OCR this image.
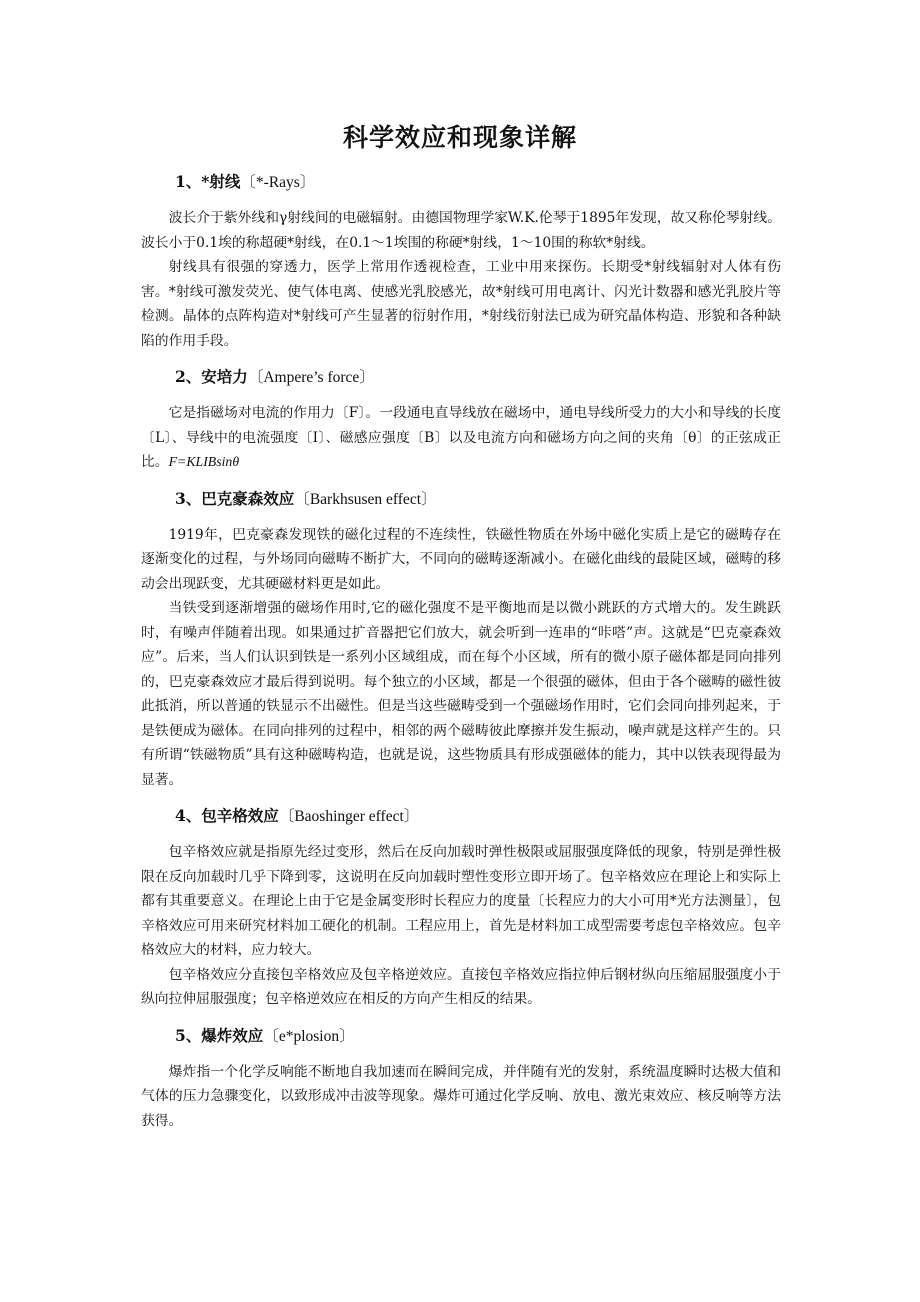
科学效应和现象详解
1、*射线〔*-Rays〕

波长介于紫外线和γ射线间的电磁辐射。由德国物理学家W.K.伦琴于1895年发现，故又称伦琴射线。波长小于0.1埃的称超硬*射线，在0.1～1埃围的称硬*射线，1～10围的称软*射线。

射线具有很强的穿透力，医学上常用作透视检查，工业中用来探伤。长期受*射线辐射对人体有伤害。*射线可激发荧光、使气体电离、使感光乳胶感光，故*射线可用电离计、闪光计数器和感光乳胶片等检测。晶体的点阵构造对*射线可产生显著的衍射作用，*射线衍射法已成为研究晶体构造、形貌和各种缺陷的作用手段。

2、安培力〔Ampere’s force〕

它是指磁场对电流的作用力〔F〕。一段通电直导线放在磁场中，通电导线所受力的大小和导线的长度〔L〕、导线中的电流强度〔I〕、磁感应强度〔B〕以及电流方向和磁场方向之间的夹角〔θ〕的正弦成正比。F=KLIBsinθ

3、巴克豪森效应〔Barkhsusen effect〕

1919年，巴克豪森发现铁的磁化过程的不连续性，铁磁性物质在外场中磁化实质上是它的磁畴存在逐渐变化的过程，与外场同向磁畴不断扩大，不同向的磁畴逐渐减小。在磁化曲线的最陡区域，磁畴的移动会出现跃变，尤其硬磁材料更是如此。

当铁受到逐渐增强的磁场作用时,它的磁化强度不是平衡地而是以微小跳跃的方式增大的。发生跳跃时，有噪声伴随着出现。如果通过扩音器把它们放大，就会听到一连串的“咔嗒”声。这就是“巴克豪森效应”。后来，当人们认识到铁是一系列小区域组成，而在每个小区域，所有的微小原子磁体都是同向排列的，巴克豪森效应才最后得到说明。每个独立的小区域，都是一个很强的磁体，但由于各个磁畴的磁性彼此抵消，所以普通的铁显示不出磁性。但是当这些磁畴受到一个强磁场作用时，它们会同向排列起来，于是铁便成为磁体。在同向排列的过程中，相邻的两个磁畴彼此摩擦并发生振动，噪声就是这样产生的。只有所谓“铁磁物质”具有这种磁畴构造，也就是说，这些物质具有形成强磁体的能力，其中以铁表现得最为显著。

4、包辛格效应〔Baoshinger effect〕

包辛格效应就是指原先经过变形，然后在反向加载时弹性极限或屈服强度降低的现象，特别是弹性极限在反向加载时几乎下降到零，这说明在反向加载时塑性变形立即开场了。包辛格效应在理论上和实际上都有其重要意义。在理论上由于它是金属变形时长程应力的度量〔长程应力的大小可用*光方法测量〕，包辛格效应可用来研究材料加工硬化的机制。工程应用上，首先是材料加工成型需要考虑包辛格效应。包辛格效应大的材料，应力较大。

包辛格效应分直接包辛格效应及包辛格逆效应。直接包辛格效应指拉伸后钢材纵向压缩屈服强度小于纵向拉伸屈服强度；包辛格逆效应在相反的方向产生相反的结果。

5、爆炸效应〔e*plosion〕

爆炸指一个化学反响能不断地自我加速而在瞬间完成，并伴随有光的发射，系统温度瞬时达极大值和气体的压力急骤变化，以致形成冲击波等现象。爆炸可通过化学反响、放电、激光束效应、核反响等方法获得。
